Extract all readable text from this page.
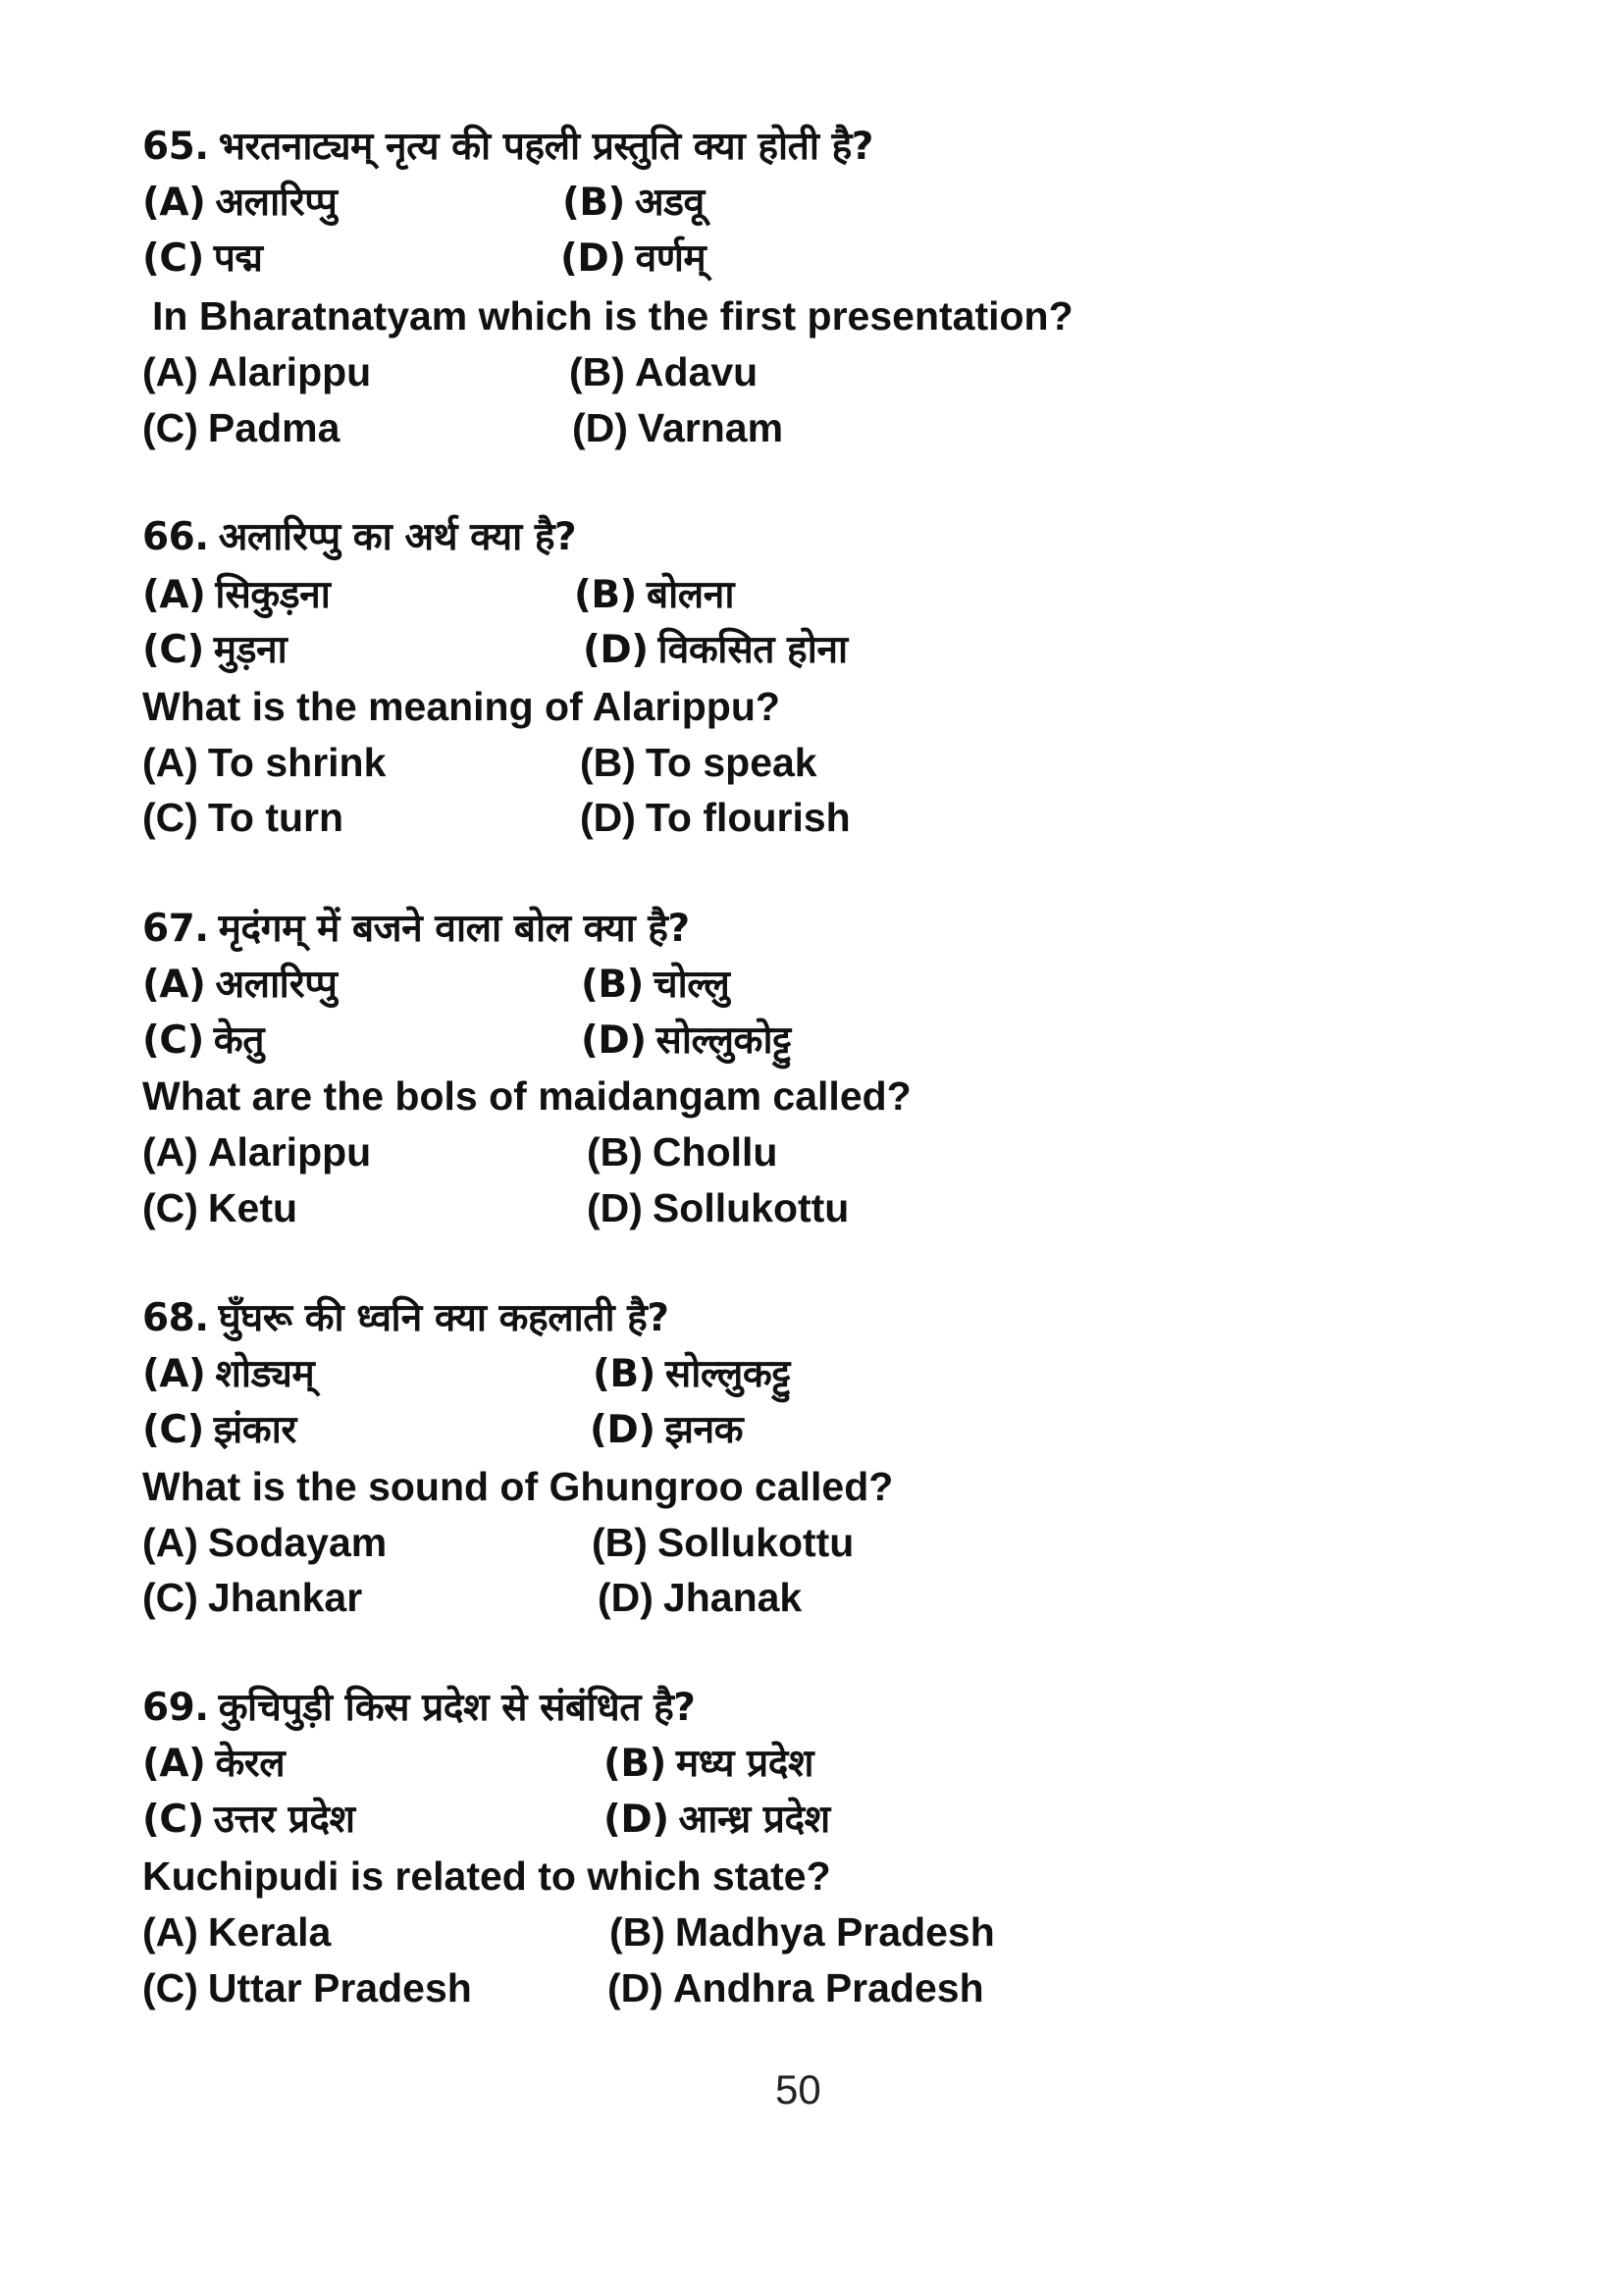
65. भरतनाट्यम् नृत्य की पहली प्रस्तुति क्या होती है?
(A) अलारिप्पु	(B) अडवू
(C) पद्म	(D) वर्णम्
In Bharatnatyam which is the first presentation?
(A) Alarippu	(B) Adavu
(C) Padma	(D) Varnam
66. अलारिप्पु का अर्थ क्या है?
(A) सिकुड़ना	(B) बोलना
(C) मुड़ना	(D) विकसित होना
What is the meaning of Alarippu?
(A) To shrink	(B) To speak
(C) To turn	(D) To flourish
67. मृदंगम् में बजने वाला बोल क्या है?
(A) अलारिप्पु	(B) चोल्लु
(C) केतु	(D) सोल्लुकोट्टु
What are the bols of maidangam called?
(A) Alarippu	(B) Chollu
(C) Ketu	(D) Sollukottu
68. घुँघरू की ध्वनि क्या कहलाती है?
(A) शोड्यम्	(B) सोल्लुकट्टु
(C) झंकार	(D) झनक
What is the sound of Ghungroo called?
(A) Sodayam	(B) Sollukottu
(C) Jhankar	(D) Jhanak
69. कुचिपुड़ी किस प्रदेश से संबंधित है?
(A) केरल	(B) मध्य प्रदेश
(C) उत्तर प्रदेश	(D) आन्ध्र प्रदेश
Kuchipudi is related to which state?
(A) Kerala	(B) Madhya Pradesh
(C) Uttar Pradesh	(D) Andhra Pradesh
50
